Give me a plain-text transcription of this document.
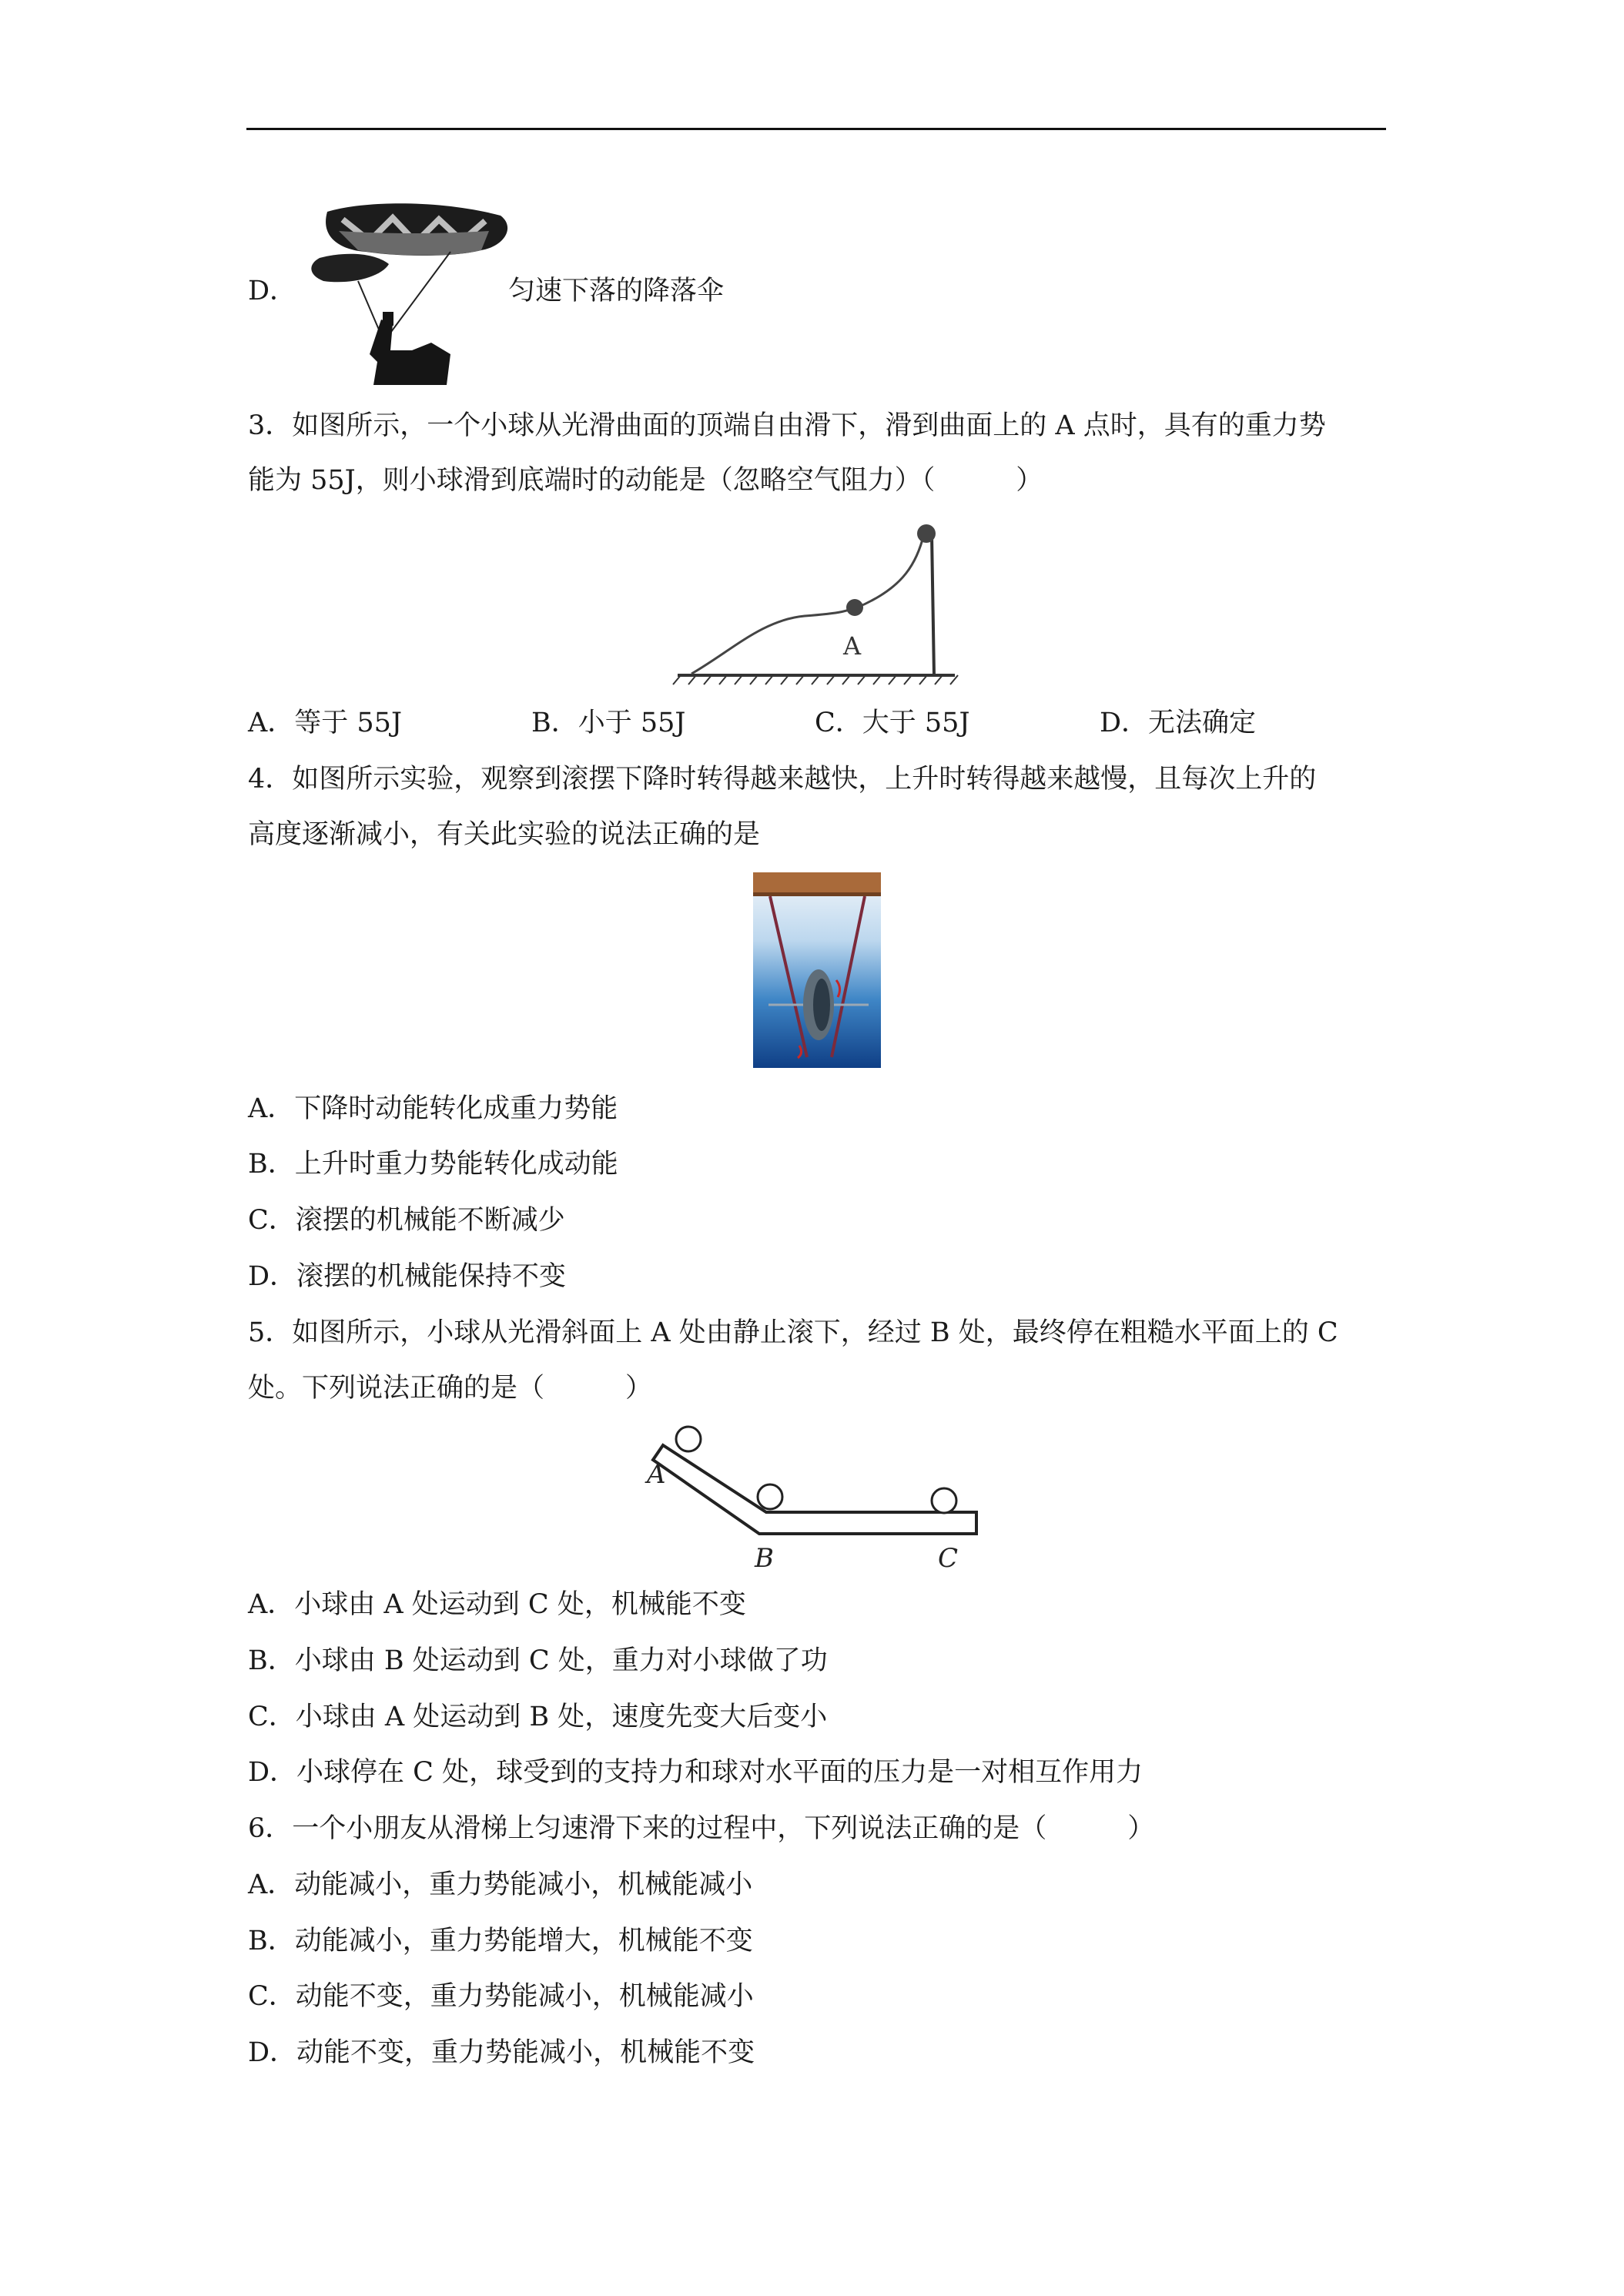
D．	匀速下落的降落伞
3．如图所示，一个小球从光滑曲面的顶端自由滑下，滑到曲面上的 A 点时，具有的重力势
能为 55J，则小球滑到底端时的动能是（忽略空气阻力）（　　　）
A
A．等于 55J	B．小于 55J	C．大于 55J	D．无法确定
4．如图所示实验，观察到滚摆下降时转得越来越快，上升时转得越来越慢，且每次上升的
高度逐渐减小，有关此实验的说法正确的是
A．下降时动能转化成重力势能
B．上升时重力势能转化成动能
C．滚摆的机械能不断减少
D．滚摆的机械能保持不变
5．如图所示，小球从光滑斜面上 A 处由静止滚下，经过 B 处，最终停在粗糙水平面上的 C
处。下列说法正确的是（　　　）
A
B	C
A．小球由 A 处运动到 C 处，机械能不变
B．小球由 B 处运动到 C 处，重力对小球做了功
C．小球由 A 处运动到 B 处，速度先变大后变小
D．小球停在 C 处，球受到的支持力和球对水平面的压力是一对相互作用力
6．一个小朋友从滑梯上匀速滑下来的过程中，下列说法正确的是（　　　）
A．动能减小，重力势能减小，机械能减小
B．动能减小，重力势能增大，机械能不变
C．动能不变，重力势能减小，机械能减小
D．动能不变，重力势能减小，机械能不变
